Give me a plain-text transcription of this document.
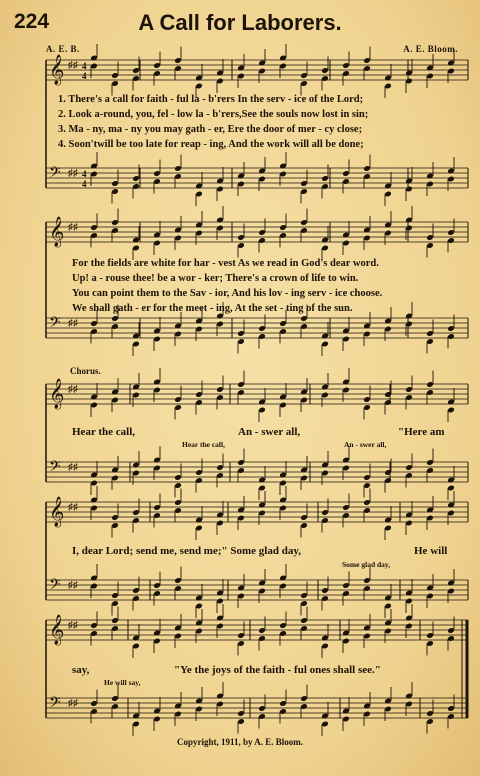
224	A Call for Laborers.
A. E. B.	A. E. Bloom.
𝄞 ♯♯ 4
4
𝄢 ♯♯ 4
4
𝄞 ♯♯
𝄢 ♯♯
𝄞 ♯♯
𝄢 ♯♯
𝄞 ♯♯
𝄢 ♯♯
𝄞 ♯♯
𝄢 ♯♯
1. There's a call for faith - ful la - b'rers In the serv - ice of the Lord;
2. Look a-round, you, fel - low la - b'rers,See the souls now lost in sin;
3. Ma - ny, ma - ny you may gath - er, Ere the door of mer - cy close;
4. Soon'twill be too late for reap - ing, And the work will all be done;
For the fields are white for har - vest As we read in God's dear word.
Up! a - rouse thee! be a wor - ker; There's a crown of life to win.
You can point them to the Sav - ior, And his lov - ing serv - ice choose.
We shall gath - er for the meet - ing, At the set - ting of the sun.
Chorus.
Hear the call,	An - swer all,	"Here am
Hear the call,	An - swer all,
I, dear Lord; send me, send me;" Some glad day,	He will
Some glad day,
say,	"Ye the joys of the faith - ful ones shall see."
He will say,
Copyright, 1911, by A. E. Bloom.
